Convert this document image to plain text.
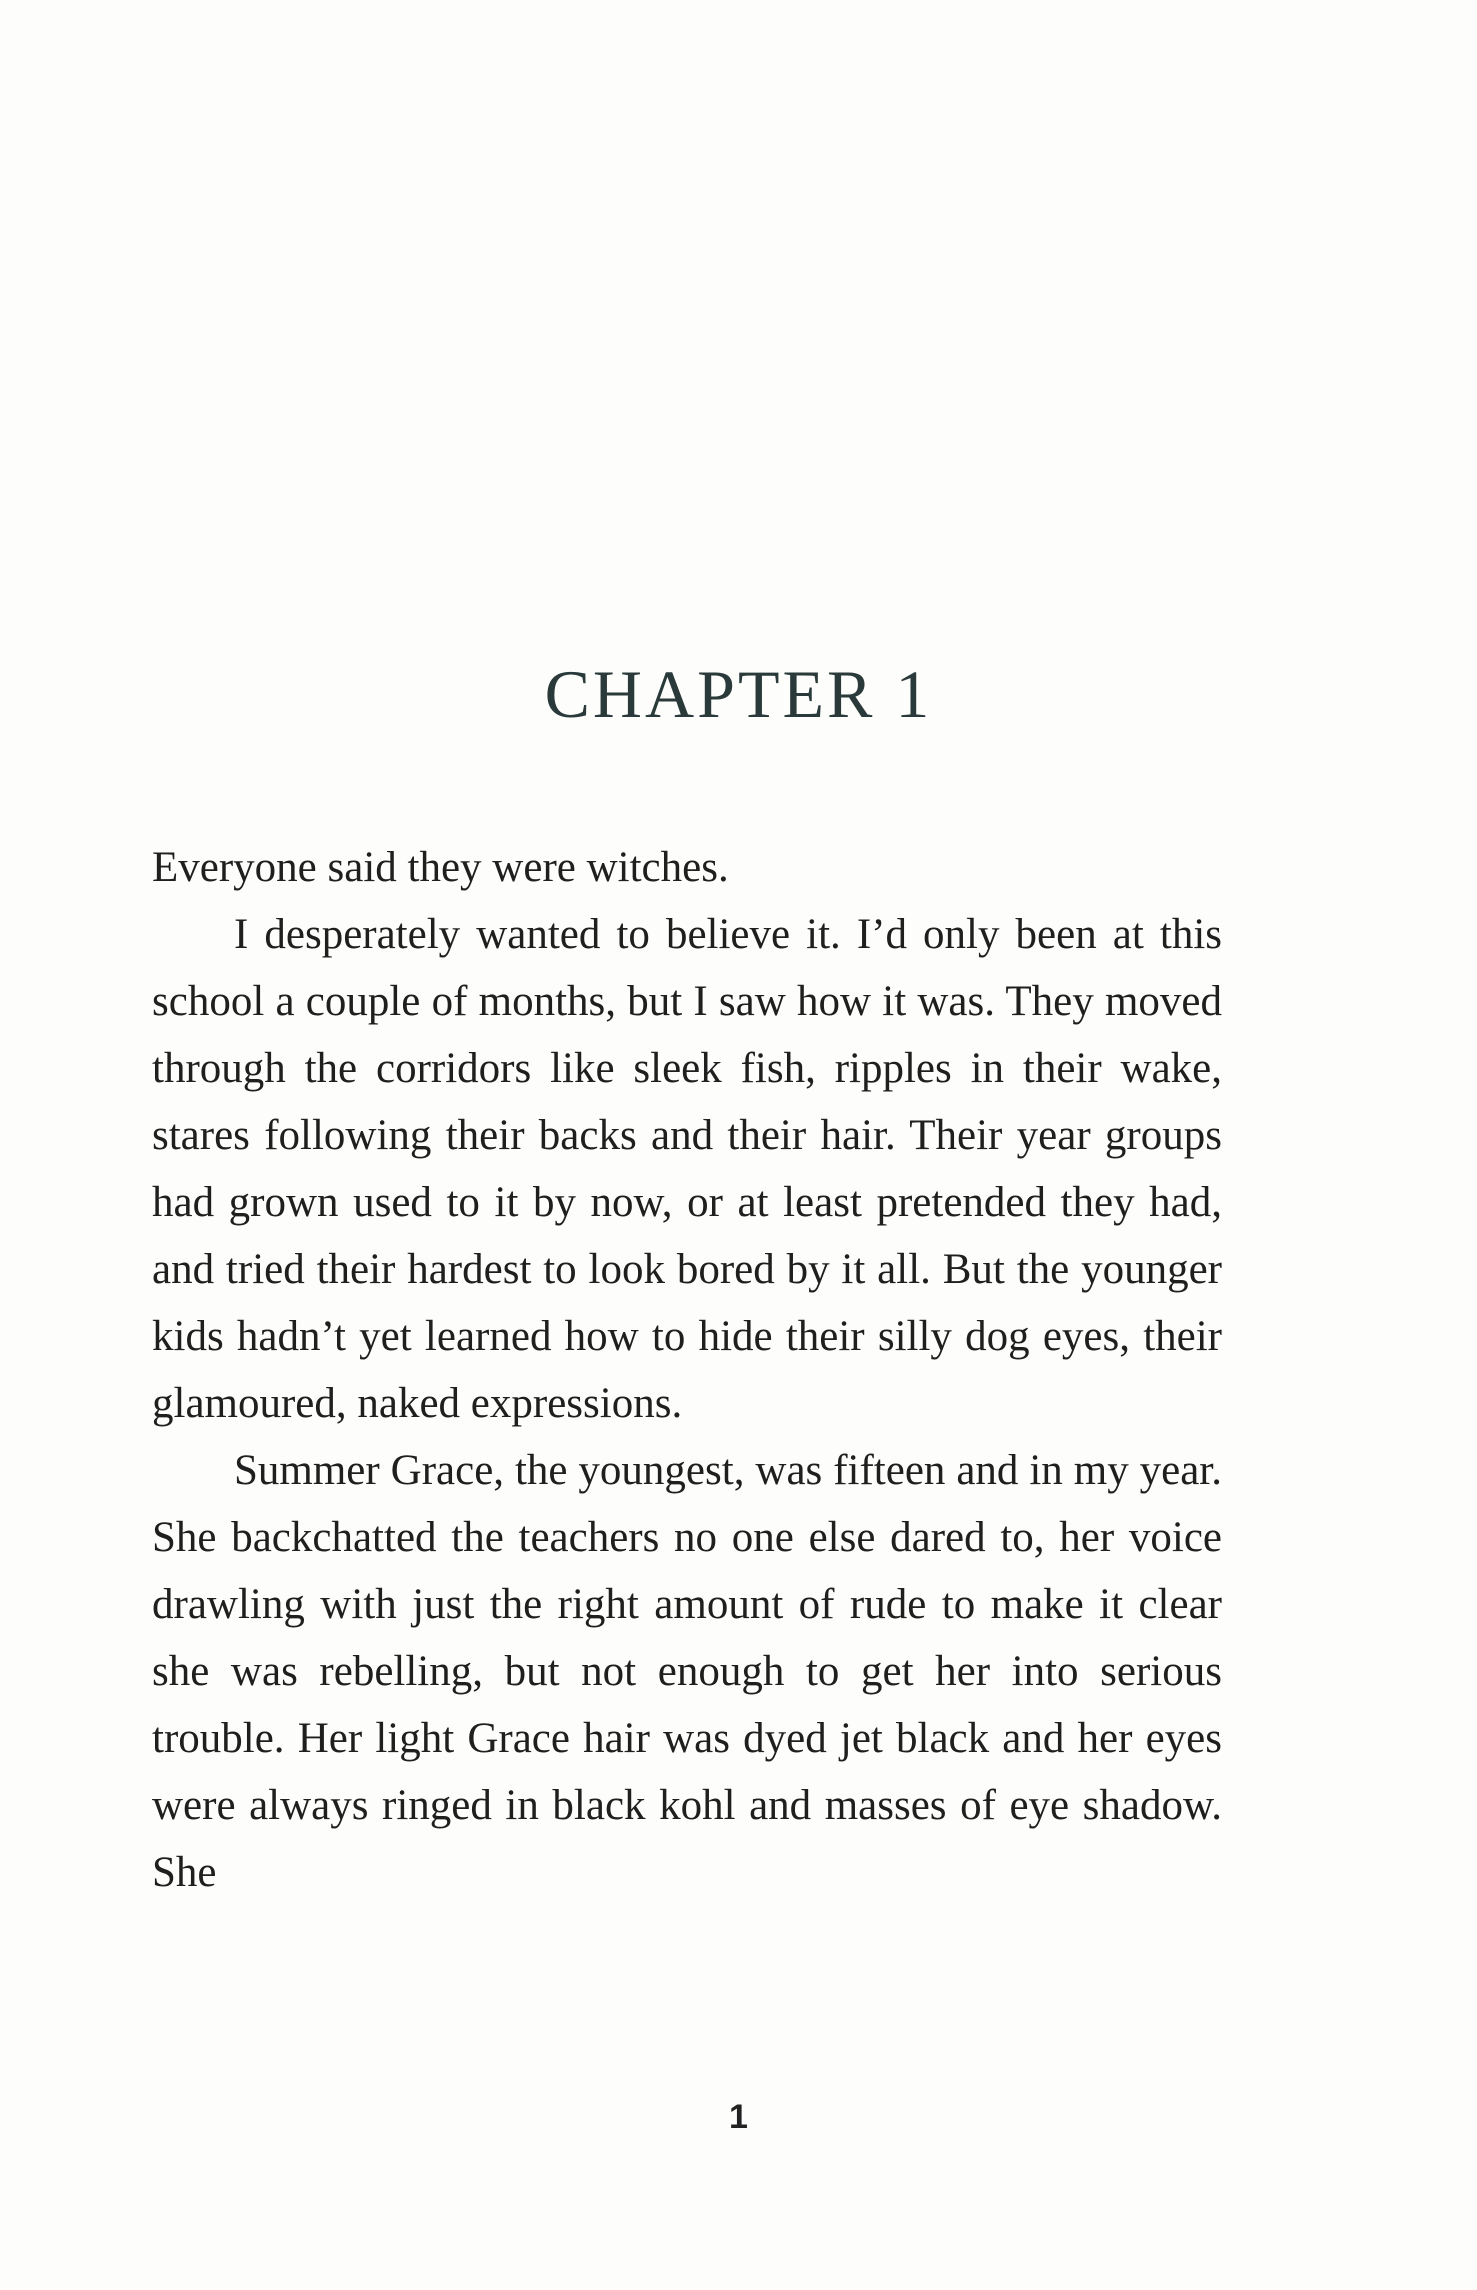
CHAPTER 1

Everyone said they were witches.

I desperately wanted to believe it. I’d only been at this school a couple of months, but I saw how it was. They moved through the corridors like sleek fish, ripples in their wake, stares following their backs and their hair. Their year groups had grown used to it by now, or at least pretended they had, and tried their hardest to look bored by it all. But the younger kids hadn’t yet learned how to hide their silly dog eyes, their glamoured, naked expressions.

Summer Grace, the youngest, was fifteen and in my year. She backchatted the teachers no one else dared to, her voice drawling with just the right amount of rude to make it clear she was rebelling, but not enough to get her into serious trouble. Her light Grace hair was dyed jet black and her eyes were always ringed in black kohl and masses of eye shadow. She

1
